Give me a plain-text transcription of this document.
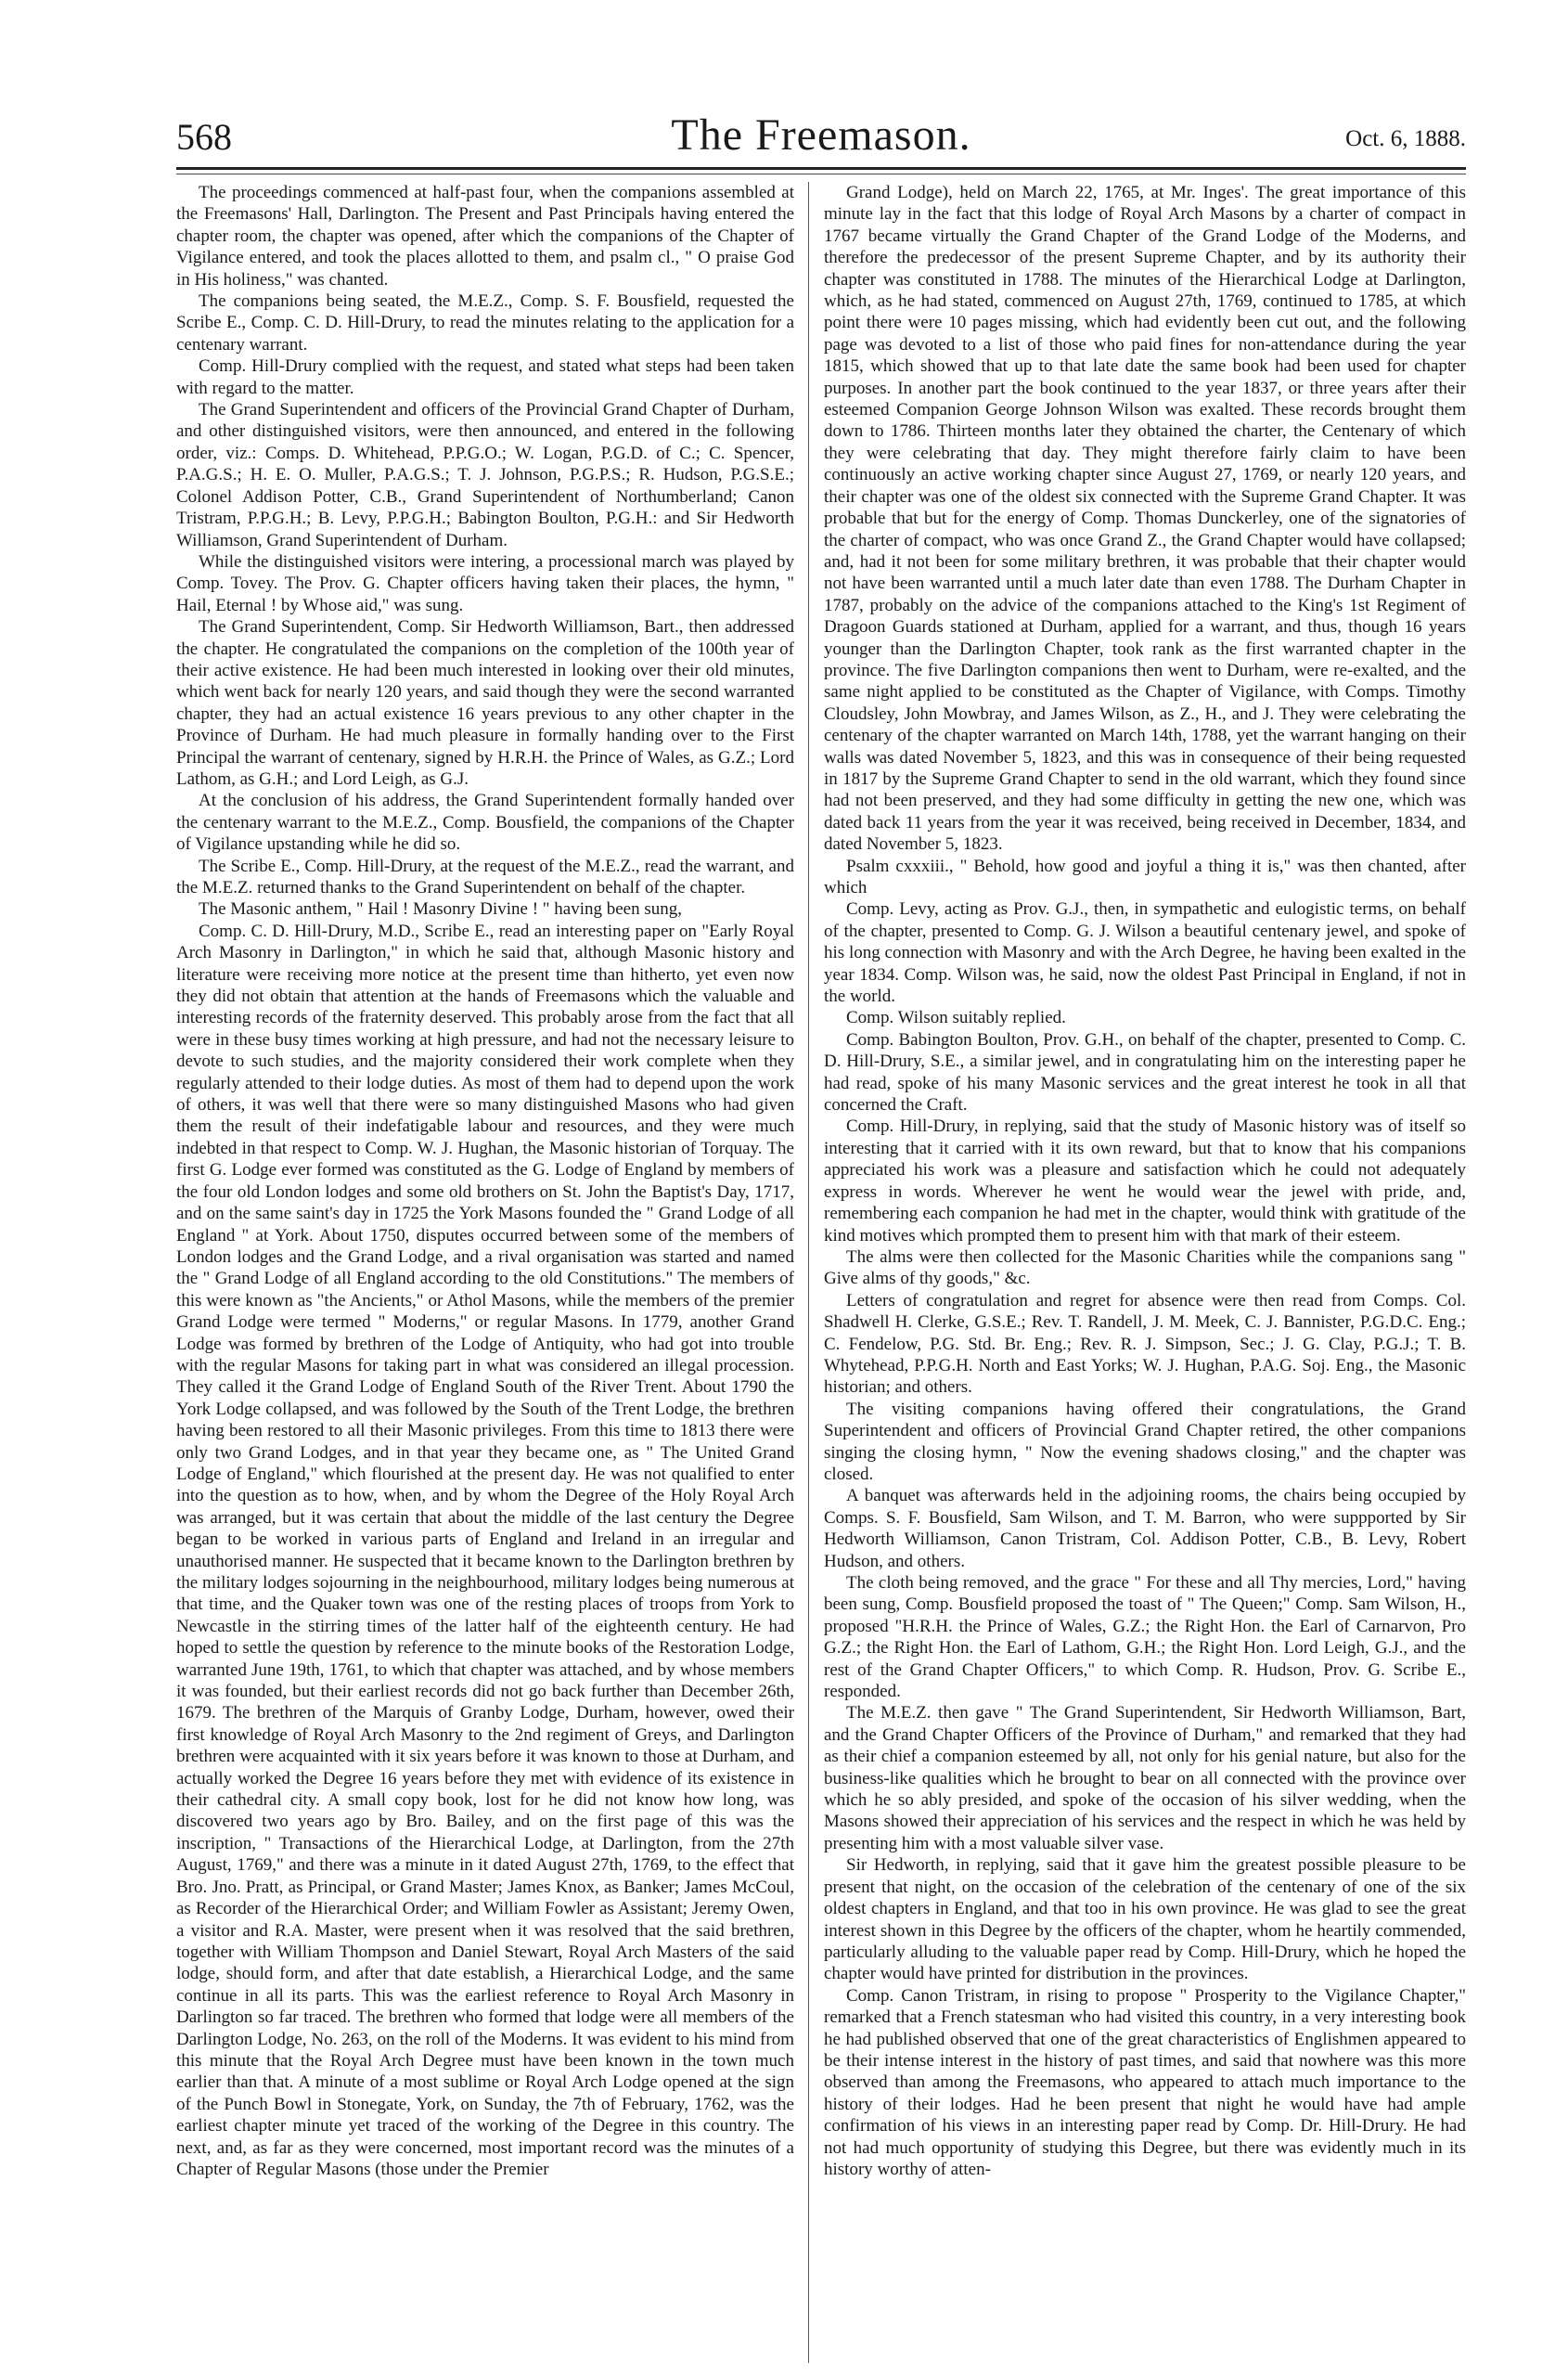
568	The Freemason.	Oct. 6, 1888.

The proceedings commenced at half-past four, when the companions assembled at the Freemasons' Hall, Darlington. The Present and Past Principals having entered the chapter room, the chapter was opened, after which the companions of the Chapter of Vigilance entered, and took the places allotted to them, and psalm cl., " O praise God in His holiness," was chanted.

The companions being seated, the M.E.Z., Comp. S. F. Bousfield, requested the Scribe E., Comp. C. D. Hill-Drury, to read the minutes relating to the application for a centenary warrant.

Comp. Hill-Drury complied with the request, and stated what steps had been taken with regard to the matter.

The Grand Superintendent and officers of the Provincial Grand Chapter of Durham, and other distinguished visitors, were then announced, and entered in the following order, viz.: Comps. D. Whitehead, P.P.G.O.; W. Logan, P.G.D. of C.; C. Spencer, P.A.G.S.; H. E. O. Muller, P.A.G.S.; T. J. Johnson, P.G.P.S.; R. Hudson, P.G.S.E.; Colonel Addison Potter, C.B., Grand Superintendent of Northumberland; Canon Tristram, P.P.G.H.; B. Levy, P.P.G.H.; Babington Boulton, P.G.H.: and Sir Hedworth Williamson, Grand Superintendent of Durham.

While the distinguished visitors were intering, a processional march was played by Comp. Tovey. The Prov. G. Chapter officers having taken their places, the hymn, " Hail, Eternal ! by Whose aid," was sung.

The Grand Superintendent, Comp. Sir Hedworth Williamson, Bart., then addressed the chapter. He congratulated the companions on the completion of the 100th year of their active existence. He had been much interested in looking over their old minutes, which went back for nearly 120 years, and said though they were the second warranted chapter, they had an actual existence 16 years previous to any other chapter in the Province of Durham. He had much pleasure in formally handing over to the First Principal the warrant of centenary, signed by H.R.H. the Prince of Wales, as G.Z.; Lord Lathom, as G.H.; and Lord Leigh, as G.J.

At the conclusion of his address, the Grand Superintendent formally handed over the centenary warrant to the M.E.Z., Comp. Bousfield, the companions of the Chapter of Vigilance upstanding while he did so.

The Scribe E., Comp. Hill-Drury, at the request of the M.E.Z., read the warrant, and the M.E.Z. returned thanks to the Grand Superintendent on behalf of the chapter.

The Masonic anthem, " Hail ! Masonry Divine ! " having been sung,

Comp. C. D. Hill-Drury, M.D., Scribe E., read an interesting paper on "Early Royal Arch Masonry in Darlington," in which he said that, although Masonic history and literature were receiving more notice at the present time than hitherto, yet even now they did not obtain that attention at the hands of Freemasons which the valuable and interesting records of the fraternity deserved. This probably arose from the fact that all were in these busy times working at high pressure, and had not the necessary leisure to devote to such studies, and the majority considered their work complete when they regularly attended to their lodge duties. As most of them had to depend upon the work of others, it was well that there were so many distinguished Masons who had given them the result of their indefatigable labour and resources, and they were much indebted in that respect to Comp. W. J. Hughan, the Masonic historian of Torquay. The first G. Lodge ever formed was constituted as the G. Lodge of England by members of the four old London lodges and some old brothers on St. John the Baptist's Day, 1717, and on the same saint's day in 1725 the York Masons founded the " Grand Lodge of all England " at York. About 1750, disputes occurred between some of the members of London lodges and the Grand Lodge, and a rival organisation was started and named the " Grand Lodge of all England according to the old Constitutions." The members of this were known as "the Ancients," or Athol Masons, while the members of the premier Grand Lodge were termed " Moderns," or regular Masons. In 1779, another Grand Lodge was formed by brethren of the Lodge of Antiquity, who had got into trouble with the regular Masons for taking part in what was considered an illegal procession. They called it the Grand Lodge of England South of the River Trent. About 1790 the York Lodge collapsed, and was followed by the South of the Trent Lodge, the brethren having been restored to all their Masonic privileges. From this time to 1813 there were only two Grand Lodges, and in that year they became one, as " The United Grand Lodge of England," which flourished at the present day. He was not qualified to enter into the question as to how, when, and by whom the Degree of the Holy Royal Arch was arranged, but it was certain that about the middle of the last century the Degree began to be worked in various parts of England and Ireland in an irregular and unauthorised manner. He suspected that it became known to the Darlington brethren by the military lodges sojourning in the neighbourhood, military lodges being numerous at that time, and the Quaker town was one of the resting places of troops from York to Newcastle in the stirring times of the latter half of the eighteenth century. He had hoped to settle the question by reference to the minute books of the Restoration Lodge, warranted June 19th, 1761, to which that chapter was attached, and by whose members it was founded, but their earliest records did not go back further than December 26th, 1679. The brethren of the Marquis of Granby Lodge, Durham, however, owed their first knowledge of Royal Arch Masonry to the 2nd regiment of Greys, and Darlington brethren were acquainted with it six years before it was known to those at Durham, and actually worked the Degree 16 years before they met with evidence of its existence in their cathedral city. A small copy book, lost for he did not know how long, was discovered two years ago by Bro. Bailey, and on the first page of this was the inscription, " Transactions of the Hierarchical Lodge, at Darlington, from the 27th August, 1769," and there was a minute in it dated August 27th, 1769, to the effect that Bro. Jno. Pratt, as Principal, or Grand Master; James Knox, as Banker; James McCoul, as Recorder of the Hierarchical Order; and William Fowler as Assistant; Jeremy Owen, a visitor and R.A. Master, were present when it was resolved that the said brethren, together with William Thompson and Daniel Stewart, Royal Arch Masters of the said lodge, should form, and after that date establish, a Hierarchical Lodge, and the same continue in all its parts. This was the earliest reference to Royal Arch Masonry in Darlington so far traced. The brethren who formed that lodge were all members of the Darlington Lodge, No. 263, on the roll of the Moderns. It was evident to his mind from this minute that the Royal Arch Degree must have been known in the town much earlier than that. A minute of a most sublime or Royal Arch Lodge opened at the sign of the Punch Bowl in Stonegate, York, on Sunday, the 7th of February, 1762, was the earliest chapter minute yet traced of the working of the Degree in this country. The next, and, as far as they were concerned, most important record was the minutes of a Chapter of Regular Masons (those under the Premier

Grand Lodge), held on March 22, 1765, at Mr. Inges'. The great importance of this minute lay in the fact that this lodge of Royal Arch Masons by a charter of compact in 1767 became virtually the Grand Chapter of the Grand Lodge of the Moderns, and therefore the predecessor of the present Supreme Chapter, and by its authority their chapter was constituted in 1788. The minutes of the Hierarchical Lodge at Darlington, which, as he had stated, commenced on August 27th, 1769, continued to 1785, at which point there were 10 pages missing, which had evidently been cut out, and the following page was devoted to a list of those who paid fines for non-attendance during the year 1815, which showed that up to that late date the same book had been used for chapter purposes. In another part the book continued to the year 1837, or three years after their esteemed Companion George Johnson Wilson was exalted. These records brought them down to 1786. Thirteen months later they obtained the charter, the Centenary of which they were celebrating that day. They might therefore fairly claim to have been continuously an active working chapter since August 27, 1769, or nearly 120 years, and their chapter was one of the oldest six connected with the Supreme Grand Chapter. It was probable that but for the energy of Comp. Thomas Dunckerley, one of the signatories of the charter of compact, who was once Grand Z., the Grand Chapter would have collapsed; and, had it not been for some military brethren, it was probable that their chapter would not have been warranted until a much later date than even 1788. The Durham Chapter in 1787, probably on the advice of the companions attached to the King's 1st Regiment of Dragoon Guards stationed at Durham, applied for a warrant, and thus, though 16 years younger than the Darlington Chapter, took rank as the first warranted chapter in the province. The five Darlington companions then went to Durham, were re-exalted, and the same night applied to be constituted as the Chapter of Vigilance, with Comps. Timothy Cloudsley, John Mowbray, and James Wilson, as Z., H., and J. They were celebrating the centenary of the chapter warranted on March 14th, 1788, yet the warrant hanging on their walls was dated November 5, 1823, and this was in consequence of their being requested in 1817 by the Supreme Grand Chapter to send in the old warrant, which they found since had not been preserved, and they had some difficulty in getting the new one, which was dated back 11 years from the year it was received, being received in December, 1834, and dated November 5, 1823.

Psalm cxxxiii., " Behold, how good and joyful a thing it is," was then chanted, after which

Comp. Levy, acting as Prov. G.J., then, in sympathetic and eulogistic terms, on behalf of the chapter, presented to Comp. G. J. Wilson a beautiful centenary jewel, and spoke of his long connection with Masonry and with the Arch Degree, he having been exalted in the year 1834. Comp. Wilson was, he said, now the oldest Past Principal in England, if not in the world.

Comp. Wilson suitably replied.

Comp. Babington Boulton, Prov. G.H., on behalf of the chapter, presented to Comp. C. D. Hill-Drury, S.E., a similar jewel, and in congratulating him on the interesting paper he had read, spoke of his many Masonic services and the great interest he took in all that concerned the Craft.

Comp. Hill-Drury, in replying, said that the study of Masonic history was of itself so interesting that it carried with it its own reward, but that to know that his companions appreciated his work was a pleasure and satisfaction which he could not adequately express in words. Wherever he went he would wear the jewel with pride, and, remembering each companion he had met in the chapter, would think with gratitude of the kind motives which prompted them to present him with that mark of their esteem.

The alms were then collected for the Masonic Charities while the companions sang " Give alms of thy goods," &c.

Letters of congratulation and regret for absence were then read from Comps. Col. Shadwell H. Clerke, G.S.E.; Rev. T. Randell, J. M. Meek, C. J. Bannister, P.G.D.C. Eng.; C. Fendelow, P.G. Std. Br. Eng.; Rev. R. J. Simpson, Sec.; J. G. Clay, P.G.J.; T. B. Whytehead, P.P.G.H. North and East Yorks; W. J. Hughan, P.A.G. Soj. Eng., the Masonic historian; and others.

The visiting companions having offered their congratulations, the Grand Superintendent and officers of Provincial Grand Chapter retired, the other companions singing the closing hymn, " Now the evening shadows closing," and the chapter was closed.

A banquet was afterwards held in the adjoining rooms, the chairs being occupied by Comps. S. F. Bousfield, Sam Wilson, and T. M. Barron, who were suppported by Sir Hedworth Williamson, Canon Tristram, Col. Addison Potter, C.B., B. Levy, Robert Hudson, and others.

The cloth being removed, and the grace " For these and all Thy mercies, Lord," having been sung, Comp. Bousfield proposed the toast of " The Queen;" Comp. Sam Wilson, H., proposed "H.R.H. the Prince of Wales, G.Z.; the Right Hon. the Earl of Carnarvon, Pro G.Z.; the Right Hon. the Earl of Lathom, G.H.; the Right Hon. Lord Leigh, G.J., and the rest of the Grand Chapter Officers," to which Comp. R. Hudson, Prov. G. Scribe E., responded.

The M.E.Z. then gave " The Grand Superintendent, Sir Hedworth Williamson, Bart, and the Grand Chapter Officers of the Province of Durham," and remarked that they had as their chief a companion esteemed by all, not only for his genial nature, but also for the business-like qualities which he brought to bear on all connected with the province over which he so ably presided, and spoke of the occasion of his silver wedding, when the Masons showed their appreciation of his services and the respect in which he was held by presenting him with a most valuable silver vase.

Sir Hedworth, in replying, said that it gave him the greatest possible pleasure to be present that night, on the occasion of the celebration of the centenary of one of the six oldest chapters in England, and that too in his own province. He was glad to see the great interest shown in this Degree by the officers of the chapter, whom he heartily commended, particularly alluding to the valuable paper read by Comp. Hill-Drury, which he hoped the chapter would have printed for distribution in the provinces.

Comp. Canon Tristram, in rising to propose " Prosperity to the Vigilance Chapter," remarked that a French statesman who had visited this country, in a very interesting book he had published observed that one of the great characteristics of Englishmen appeared to be their intense interest in the history of past times, and said that nowhere was this more observed than among the Freemasons, who appeared to attach much importance to the history of their lodges. Had he been present that night he would have had ample confirmation of his views in an interesting paper read by Comp. Dr. Hill-Drury. He had not had much opportunity of studying this Degree, but there was evidently much in its history worthy of atten-
